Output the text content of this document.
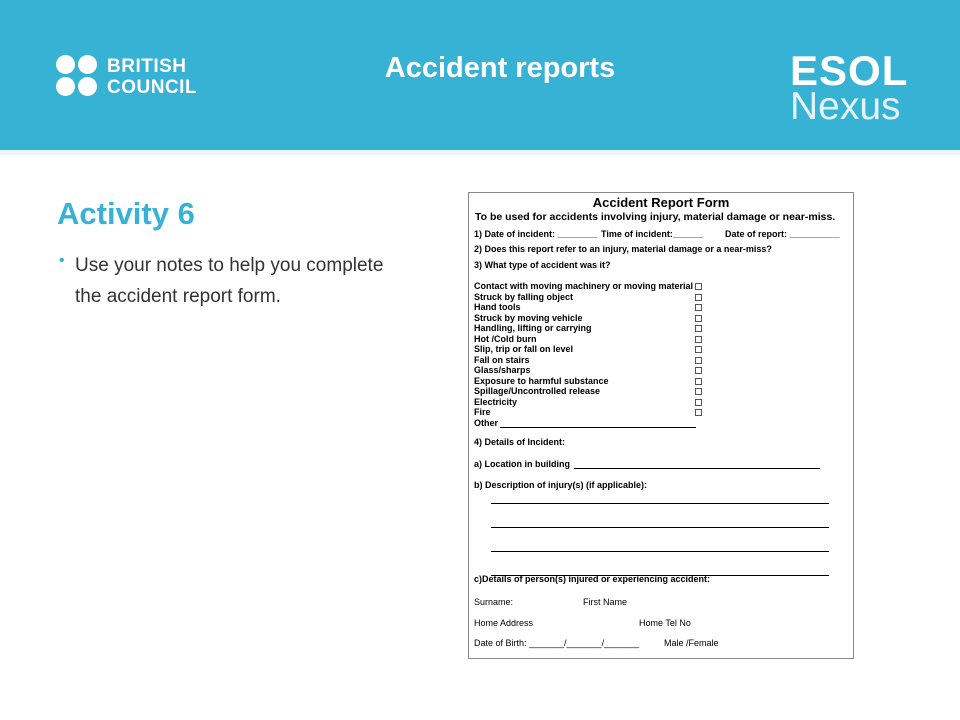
BRITISH
COUNCIL
Accident reports	ESOL
Nexus
Activity 6
• Use your notes to help you complete the accident report form.
Accident Report Form
To be used for accidents involving injury, material damage or near-miss.
1) Date of incident: ________ Time of incident:______ Date of report: __________
2) Does this report refer to an injury, material damage or a near-miss?
3) What type of accident was it?
Contact with moving machinery or moving material
Struck by falling object
Hand tools
Struck by moving vehicle
Handling, lifting or carrying
Hot /Cold burn
Slip, trip or fall on level
Fall on stairs
Glass/sharps
Exposure to harmful substance
Spillage/Uncontrolled release
Electricity
Fire
Other
4) Details of Incident:
a) Location in building
b) Description of injury(s) (if applicable):
c)Details of person(s) injured or experiencing accident:
Surname:	First Name
Home Address	Home Tel No
Date of Birth: _______/_______/_______	Male /Female
